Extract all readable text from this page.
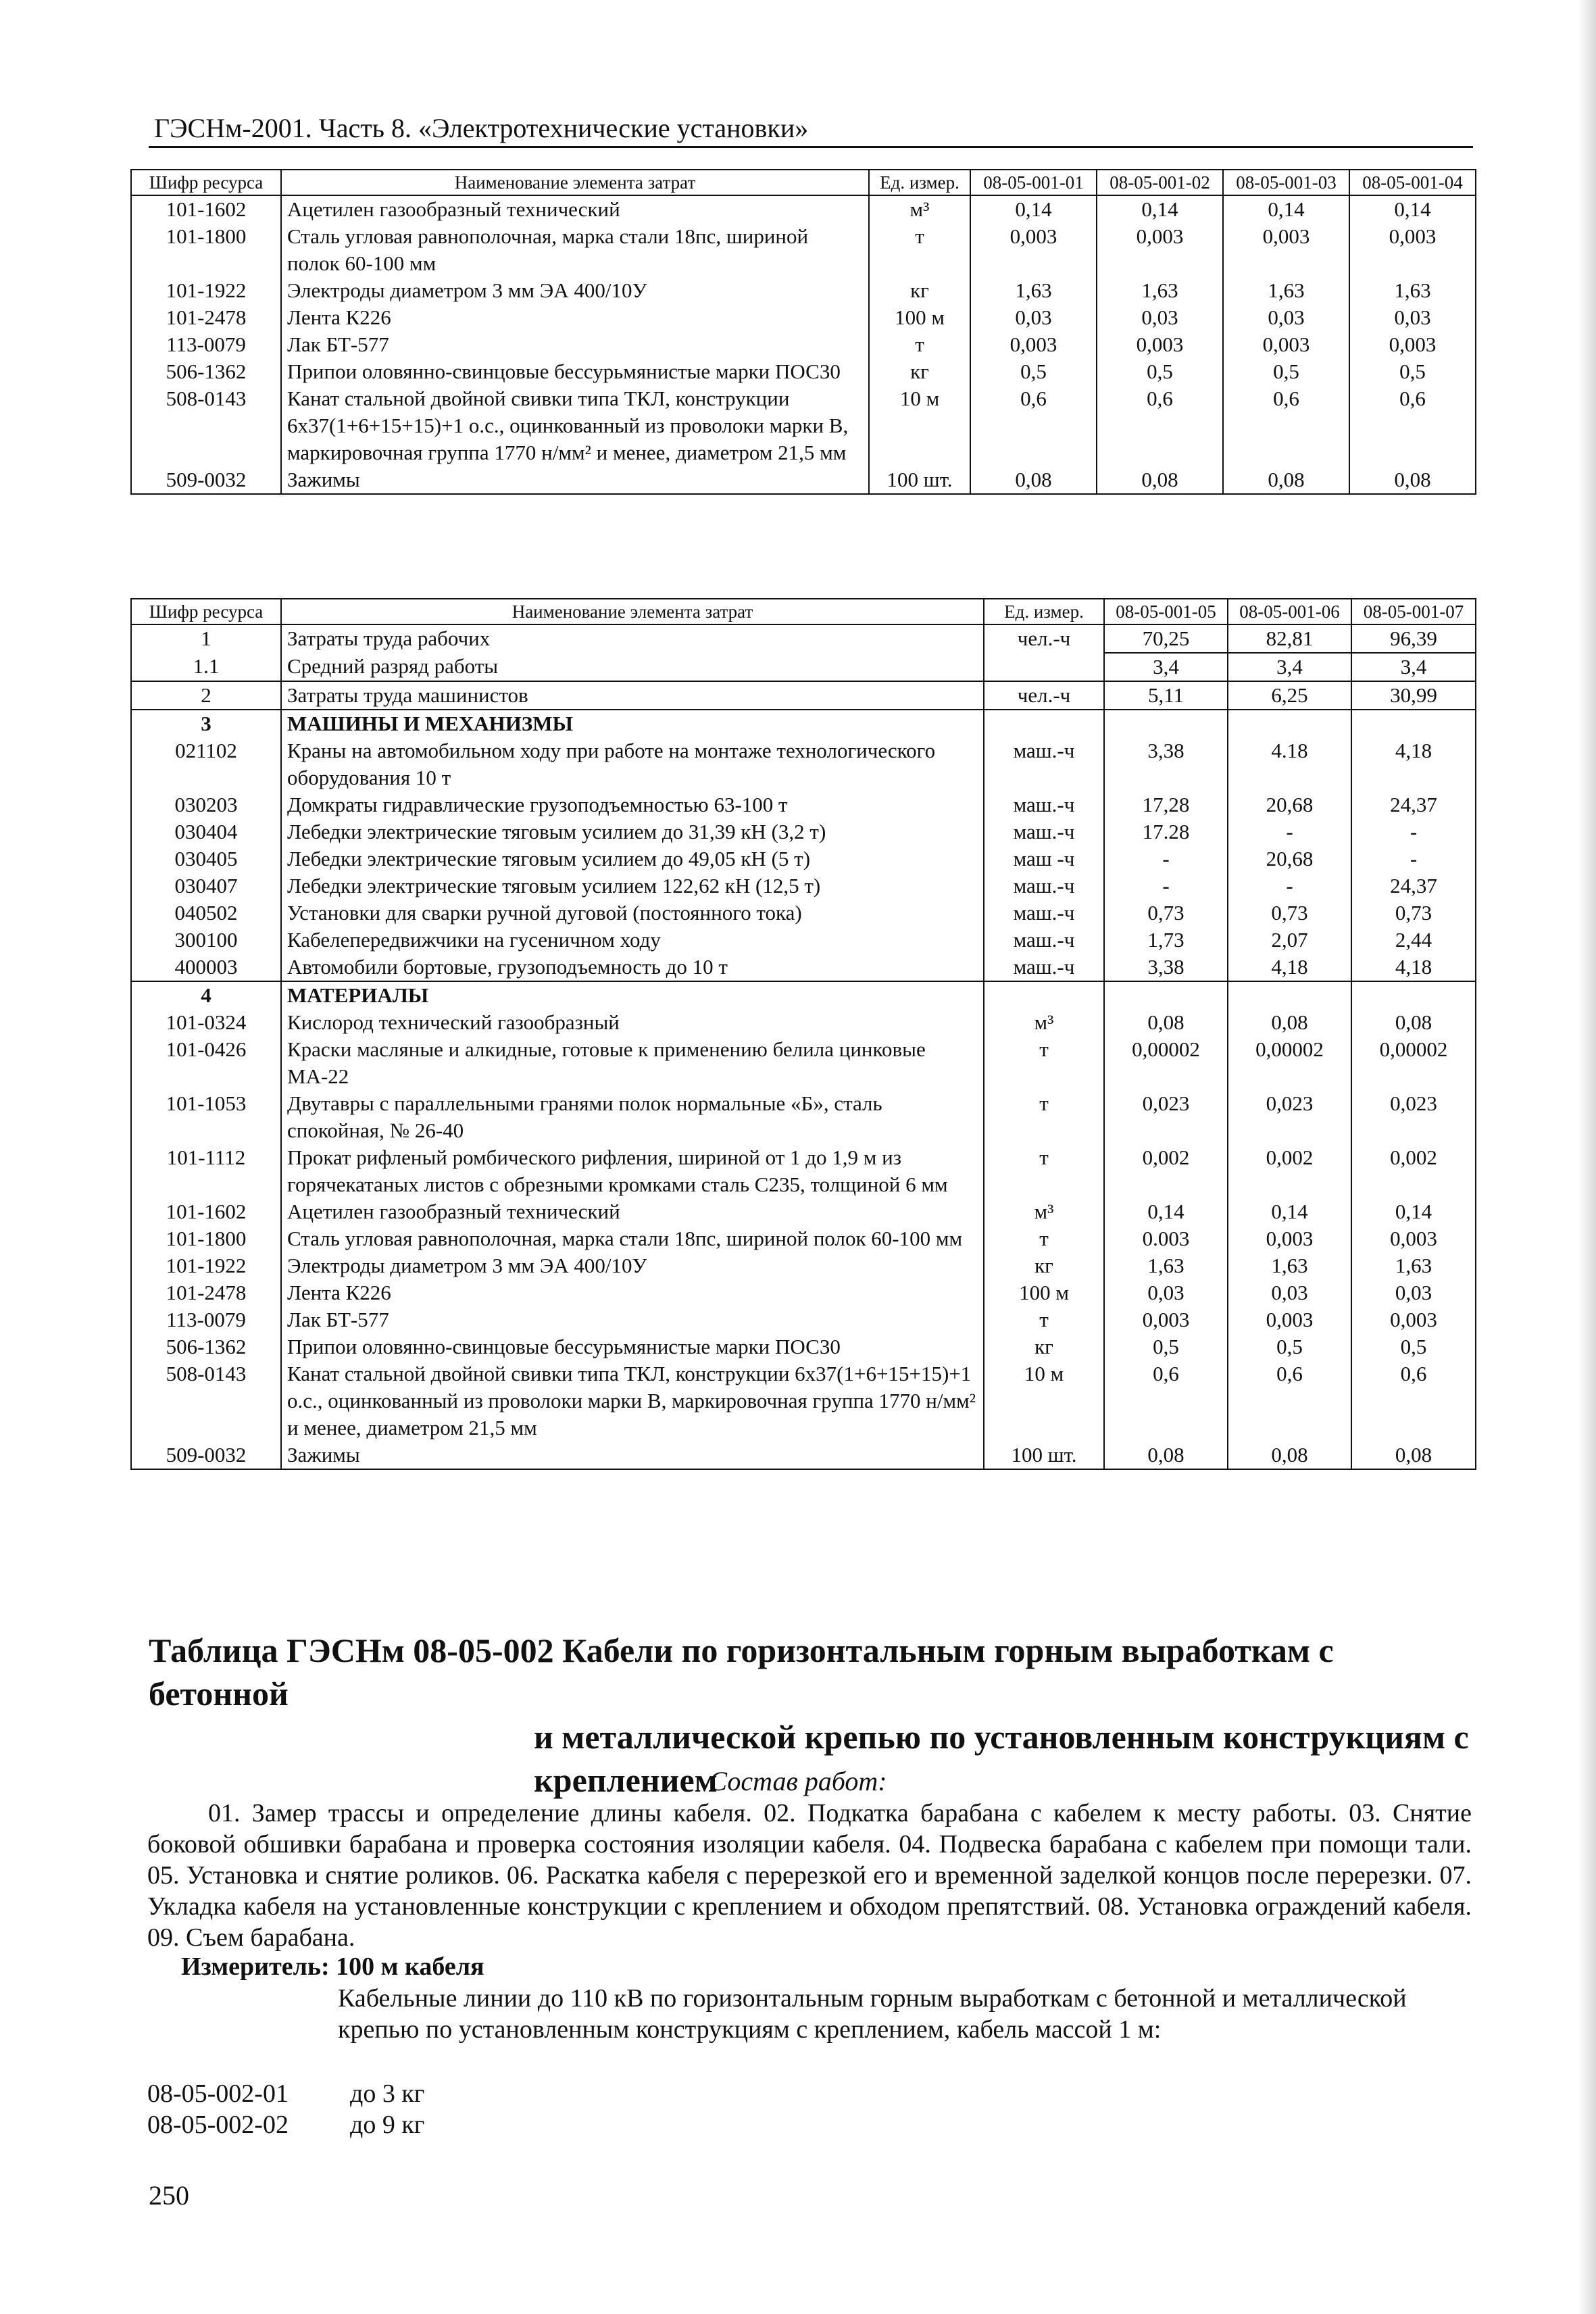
ГЭСНм-2001. Часть 8. «Электротехнические установки»
Шифр ресурса	Наименование элемента затрат	Ед. измер.	08-05-001-01	08-05-001-02	08-05-001-03	08-05-001-04
101-1602	Ацетилен газообразный технический	м³	0,14	0,14	0,14	0,14
101-1800	Сталь угловая равнополочная, марка стали 18пс, шириной полок 60-100 мм	т	0,003	0,003	0,003	0,003
101-1922	Электроды диаметром 3 мм ЭА 400/10У	кг	1,63	1,63	1,63	1,63
101-2478	Лента К226	100 м	0,03	0,03	0,03	0,03
113-0079	Лак БТ-577	т	0,003	0,003	0,003	0,003
506-1362	Припои оловянно-свинцовые бессурьмянистые марки ПОС30	кг	0,5	0,5	0,5	0,5
508-0143	Канат стальной двойной свивки типа ТКЛ, конструкции 6х37(1+6+15+15)+1 о.с., оцинкованный из проволоки марки В, маркировочная группа 1770 н/мм² и менее, диаметром 21,5 мм	10 м	0,6	0,6	0,6	0,6
509-0032	Зажимы	100 шт.	0,08	0,08	0,08	0,08
Шифр ресурса	Наименование элемента затрат	Ед. измер.	08-05-001-05	08-05-001-06	08-05-001-07
1	Затраты труда рабочих	чел.-ч	70,25	82,81	96,39
1.1	Средний разряд работы		3,4	3,4	3,4
2	Затраты труда машинистов	чел.-ч	5,11	6,25	30,99
3	МАШИНЫ И МЕХАНИЗМЫ				
021102	Краны на автомобильном ходу при работе на монтаже технологического оборудования 10 т	маш.-ч	3,38	4.18	4,18
030203	Домкраты гидравлические грузоподъемностью 63-100 т	маш.-ч	17,28	20,68	24,37
030404	Лебедки электрические тяговым усилием до 31,39 кН (3,2 т)	маш.-ч	17.28	-	-
030405	Лебедки электрические тяговым усилием до 49,05 кН (5 т)	маш -ч	-	20,68	-
030407	Лебедки электрические тяговым усилием 122,62 кН (12,5 т)	маш.-ч	-	-	24,37
040502	Установки для сварки ручной дуговой (постоянного тока)	маш.-ч	0,73	0,73	0,73
300100	Кабелепередвижчики на гусеничном ходу	маш.-ч	1,73	2,07	2,44
400003	Автомобили бортовые, грузоподъемность до 10 т	маш.-ч	3,38	4,18	4,18
4	МАТЕРИАЛЫ				
101-0324	Кислород технический газообразный	м³	0,08	0,08	0,08
101-0426	Краски масляные и алкидные, готовые к применению белила цинковые МА-22	т	0,00002	0,00002	0,00002
101-1053	Двутавры с параллельными гранями полок нормальные «Б», сталь спокойная, № 26-40	т	0,023	0,023	0,023
101-1112	Прокат рифленый ромбического рифления, шириной от 1 до 1,9 м из горячекатаных листов с обрезными кромками сталь С235, толщиной 6 мм	т	0,002	0,002	0,002
101-1602	Ацетилен газообразный технический	м³	0,14	0,14	0,14
101-1800	Сталь угловая равнополочная, марка стали 18пс, шириной полок 60-100 мм	т	0.003	0,003	0,003
101-1922	Электроды диаметром 3 мм ЭА 400/10У	кг	1,63	1,63	1,63
101-2478	Лента К226	100 м	0,03	0,03	0,03
113-0079	Лак БТ-577	т	0,003	0,003	0,003
506-1362	Припои оловянно-свинцовые бессурьмянистые марки ПОС30	кг	0,5	0,5	0,5
508-0143	Канат стальной двойной свивки типа ТКЛ, конструкции 6х37(1+6+15+15)+1 о.с., оцинкованный из проволоки марки В, маркировочная группа 1770 н/мм² и менее, диаметром 21,5 мм	10 м	0,6	0,6	0,6
509-0032	Зажимы	100 шт.	0,08	0,08	0,08
Таблица ГЭСНм 08-05-002 Кабели по горизонтальным горным выработкам с бетонной
и металлической крепью по установленным конструкциям с
креплением
Состав работ:
01. Замер трассы и определение длины кабеля. 02. Подкатка барабана с кабелем к месту работы. 03. Снятие боковой обшивки барабана и проверка состояния изоляции кабеля. 04. Подвеска барабана с кабелем при помощи тали. 05. Установка и снятие роликов. 06. Раскатка кабеля с перерезкой его и временной заделкой концов после перерезки. 07. Укладка кабеля на установленные конструкции с креплением и обходом препятствий. 08. Установка ограждений кабеля. 09. Съем барабана.
Измеритель: 100 м кабеля
Кабельные линии до 110 кВ по горизонтальным горным выработкам с бетонной и металлической крепью по установленным конструкциям с креплением, кабель массой 1 м:
08-05-002-01 до 3 кг
08-05-002-02 до 9 кг
250
